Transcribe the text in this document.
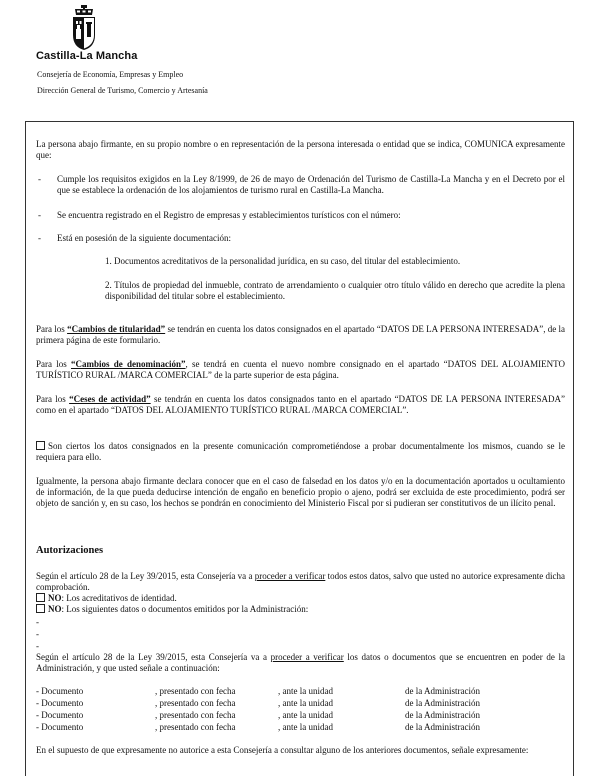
Castilla-La Mancha
Consejería de Economía, Empresas y Empleo
Dirección General de Turismo, Comercio y Artesanía
La persona abajo firmante, en su propio nombre o en representación de la persona interesada o entidad que se indica, COMUNICA expresamente que:
- Cumple los requisitos exigidos en la Ley 8/1999, de 26 de mayo de Ordenación del Turismo de Castilla-La Mancha y en el Decreto por el que se establece la ordenación de los alojamientos de turismo rural en Castilla-La Mancha.
- Se encuentra registrado en el Registro de empresas y establecimientos turísticos con el número:
- Está en posesión de la siguiente documentación:
1. Documentos acreditativos de la personalidad jurídica, en su caso, del titular del establecimiento.
2. Títulos de propiedad del inmueble, contrato de arrendamiento o cualquier otro título válido en derecho que acredite la plena disponibilidad del titular sobre el establecimiento.
Para los “Cambios de titularidad” se tendrán en cuenta los datos consignados en el apartado “DATOS DE LA PERSONA INTERESADA”, de la primera página de este formulario.
Para los “Cambios de denominación”, se tendrá en cuenta el nuevo nombre consignado en el apartado “DATOS DEL ALOJAMIENTO TURÍSTICO RURAL /MARCA COMERCIAL” de la parte superior de esta página.
Para los “Ceses de actividad” se tendrán en cuenta los datos consignados tanto en el apartado “DATOS DE LA PERSONA INTERESADA” como en el apartado “DATOS DEL ALOJAMIENTO TURÍSTICO RURAL /MARCA COMERCIAL”.
Son ciertos los datos consignados en la presente comunicación comprometiéndose a probar documentalmente los mismos, cuando se le requiera para ello.
Igualmente, la persona abajo firmante declara conocer que en el caso de falsedad en los datos y/o en la documentación aportados u ocultamiento de información, de la que pueda deducirse intención de engaño en beneficio propio o ajeno, podrá ser excluida de este procedimiento, podrá ser objeto de sanción y, en su caso, los hechos se pondrán en conocimiento del Ministerio Fiscal por si pudieran ser constitutivos de un ilícito penal.
Autorizaciones
Según el artículo 28 de la Ley 39/2015, esta Consejería va a proceder a verificar todos estos datos, salvo que usted no autorice expresamente dicha comprobación.
NO: Los acreditativos de identidad.
NO: Los siguientes datos o documentos emitidos por la Administración:
-
-
-
Según el artículo 28 de la Ley 39/2015, esta Consejería va a proceder a verificar los datos o documentos que se encuentren en poder de la Administración, y que usted señale a continuación:
- Documento	, presentado con fecha	, ante la unidad	de la Administración
- Documento	, presentado con fecha	, ante la unidad	de la Administración
- Documento	, presentado con fecha	, ante la unidad	de la Administración
- Documento	, presentado con fecha	, ante la unidad	de la Administración
En el supuesto de que expresamente no autorice a esta Consejería a consultar alguno de los anteriores documentos, señale expresamente:
